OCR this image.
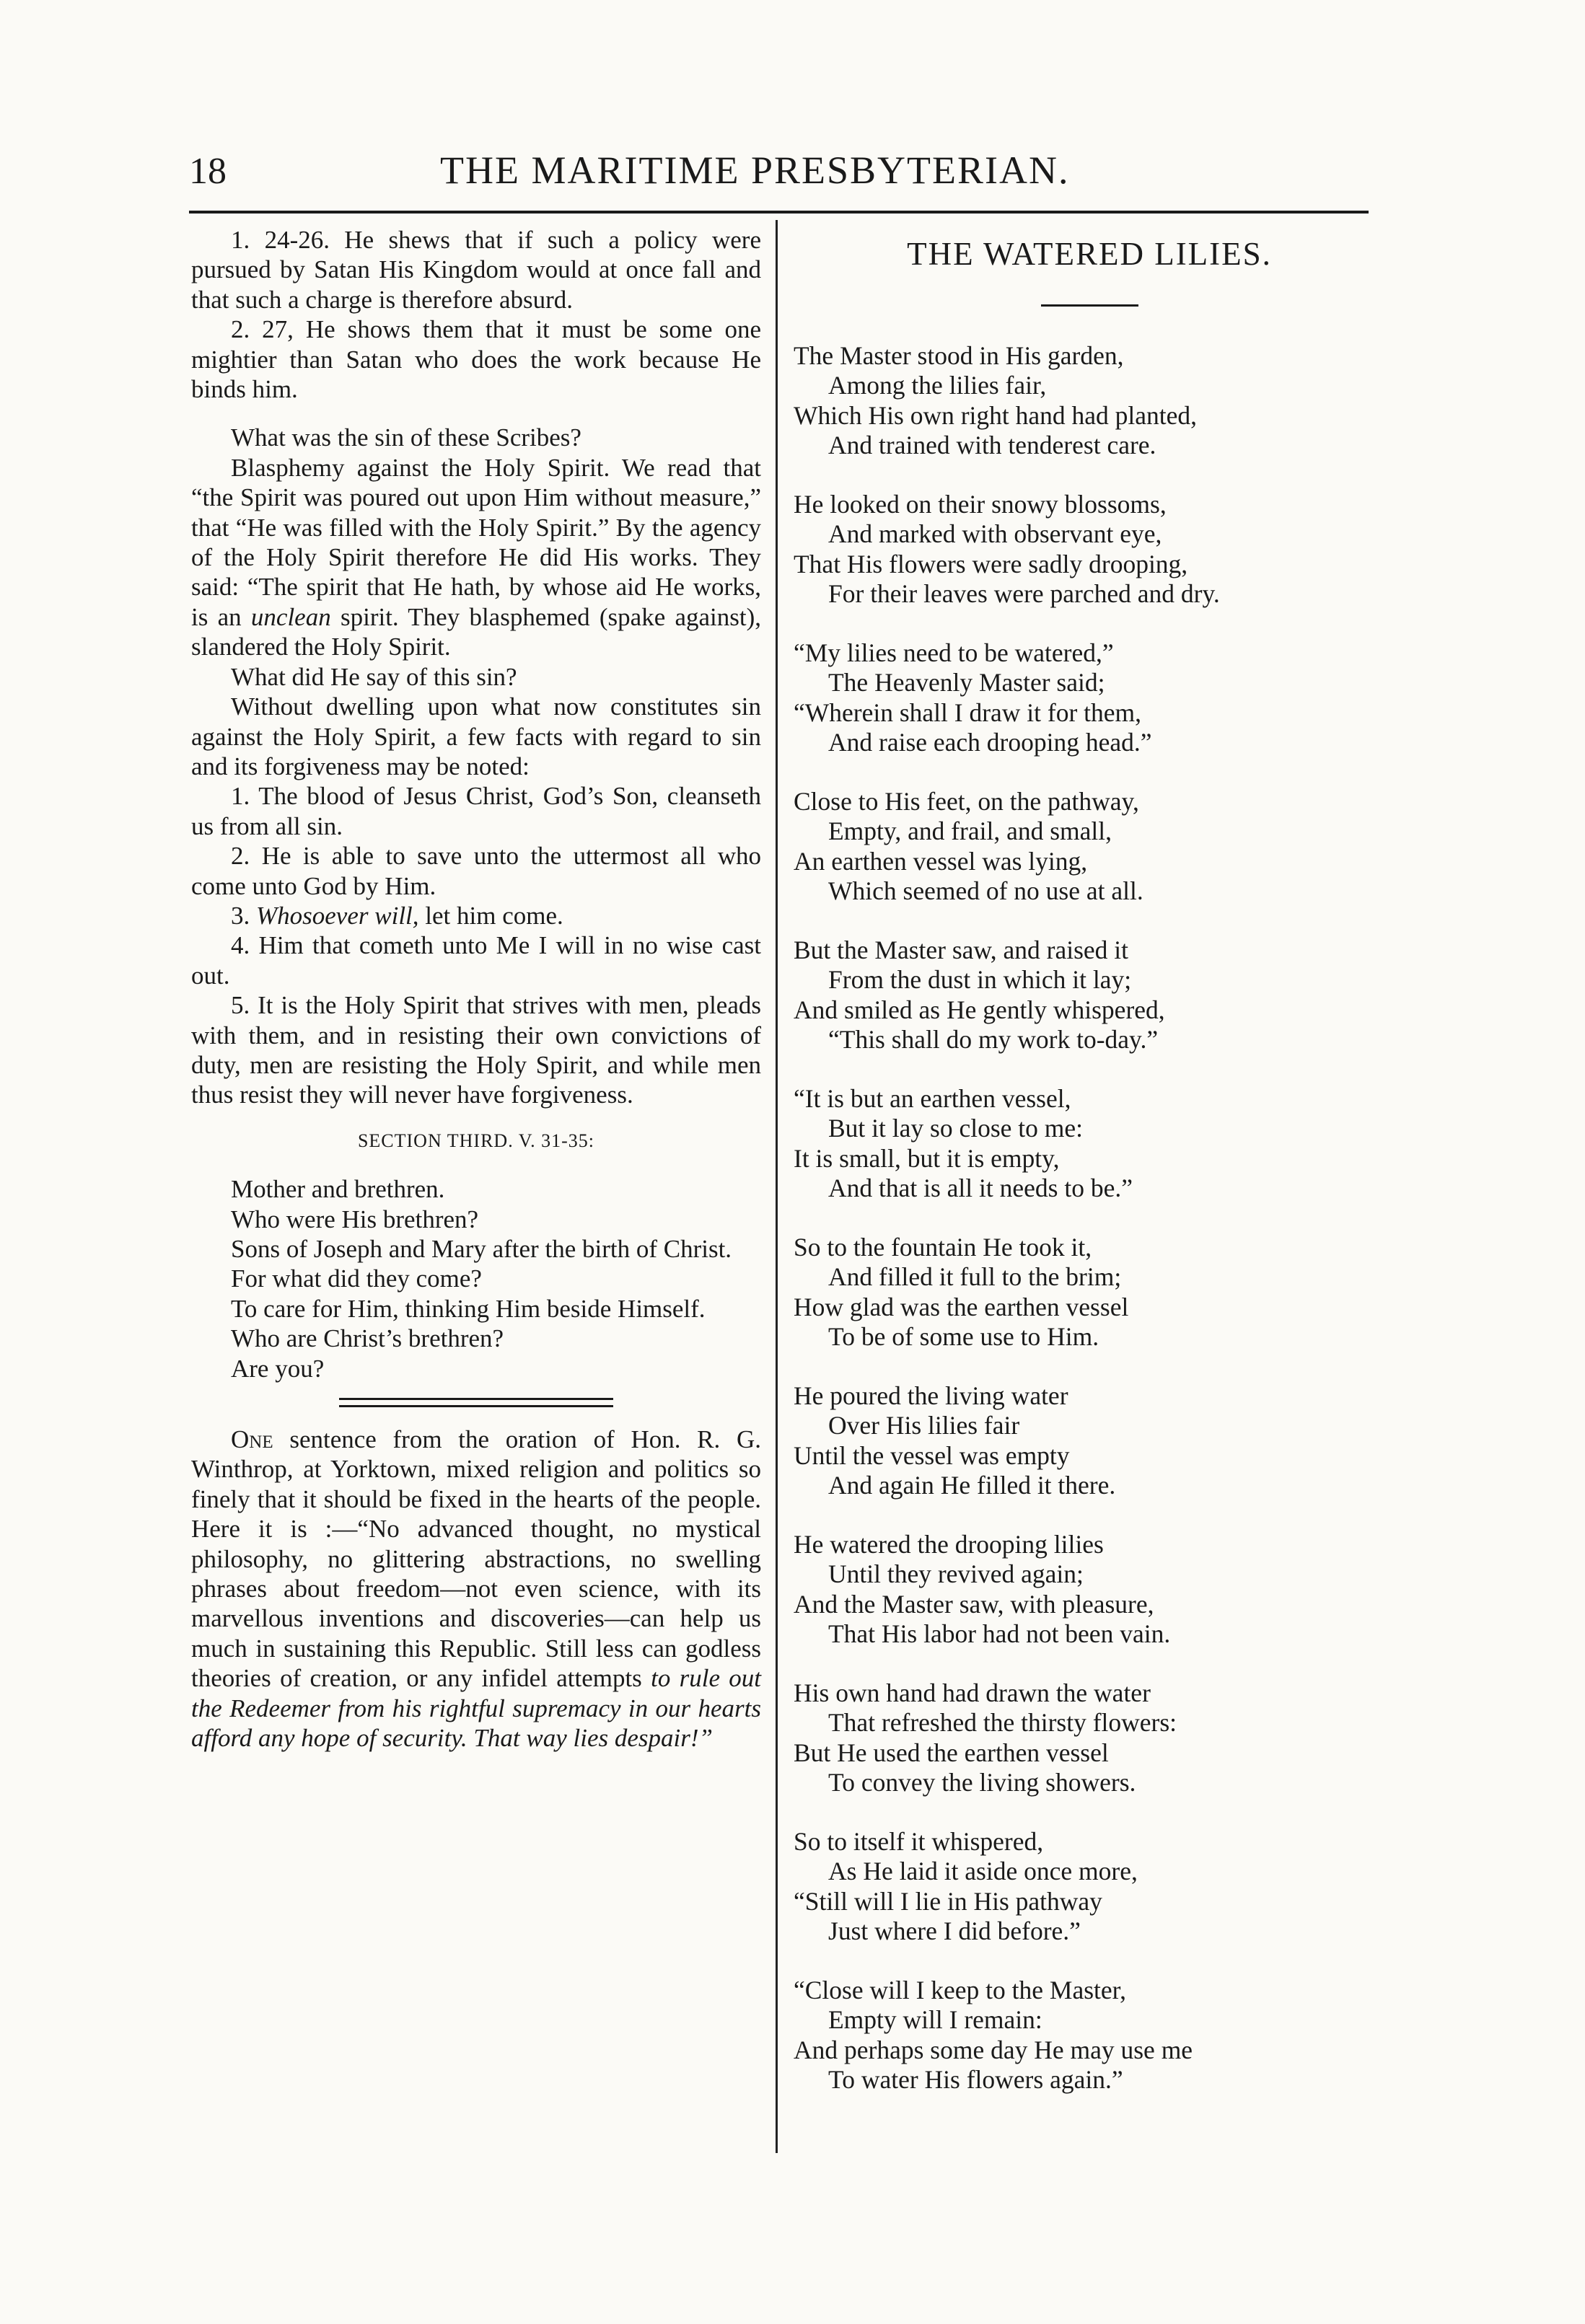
18	THE MARITIME PRESBYTERIAN.

1. 24-26. He shews that if such a policy were pursued by Satan His Kingdom would at once fall and that such a charge is therefore absurd.

2. 27, He shows them that it must be some one mightier than Satan who does the work because He binds him.

What was the sin of these Scribes?

Blasphemy against the Holy Spirit. We read that “the Spirit was poured out upon Him without measure,” that “He was filled with the Holy Spirit.” By the agency of the Holy Spirit therefore He did His works. They said: “The spirit that He hath, by whose aid He works, is an unclean spirit. They blasphemed (spake against), slandered the Holy Spirit.

What did He say of this sin?

Without dwelling upon what now constitutes sin against the Holy Spirit, a few facts with regard to sin and its forgiveness may be noted:

1. The blood of Jesus Christ, God’s Son, cleanseth us from all sin.

2. He is able to save unto the uttermost all who come unto God by Him.

3. Whosoever will, let him come.

4. Him that cometh unto Me I will in no wise cast out.

5. It is the Holy Spirit that strives with men, pleads with them, and in resisting their own convictions of duty, men are resisting the Holy Spirit, and while men thus resist they will never have forgiveness.

SECTION THIRD. V. 31-35:

Mother and brethren.

Who were His brethren?

Sons of Joseph and Mary after the birth of Christ.

For what did they come?

To care for Him, thinking Him beside Himself.

Who are Christ’s brethren?

Are you?

One sentence from the oration of Hon. R. G. Winthrop, at Yorktown, mixed religion and politics so finely that it should be fixed in the hearts of the people. Here it is :—“No advanced thought, no mystical philosophy, no glittering abstractions, no swelling phrases about freedom—not even science, with its marvellous inventions and discoveries—can help us much in sustaining this Republic. Still less can godless theories of creation, or any infidel attempts to rule out the Redeemer from his rightful supremacy in our hearts afford any hope of security. That way lies despair!”

THE WATERED LILIES.
The Master stood in His garden,
Among the lilies fair,
Which His own right hand had planted,
And trained with tenderest care.
He looked on their snowy blossoms,
And marked with observant eye,
That His flowers were sadly drooping,
For their leaves were parched and dry.
“My lilies need to be watered,”
The Heavenly Master said;
“Wherein shall I draw it for them,
And raise each drooping head.”
Close to His feet, on the pathway,
Empty, and frail, and small,
An earthen vessel was lying,
Which seemed of no use at all.
But the Master saw, and raised it
From the dust in which it lay;
And smiled as He gently whispered,
“This shall do my work to-day.”
“It is but an earthen vessel,
But it lay so close to me:
It is small, but it is empty,
And that is all it needs to be.”
So to the fountain He took it,
And filled it full to the brim;
How glad was the earthen vessel
To be of some use to Him.
He poured the living water
Over His lilies fair
Until the vessel was empty
And again He filled it there.
He watered the drooping lilies
Until they revived again;
And the Master saw, with pleasure,
That His labor had not been vain.
His own hand had drawn the water
That refreshed the thirsty flowers:
But He used the earthen vessel
To convey the living showers.
So to itself it whispered,
As He laid it aside once more,
“Still will I lie in His pathway
Just where I did before.”
“Close will I keep to the Master,
Empty will I remain:
And perhaps some day He may use me
To water His flowers again.”
